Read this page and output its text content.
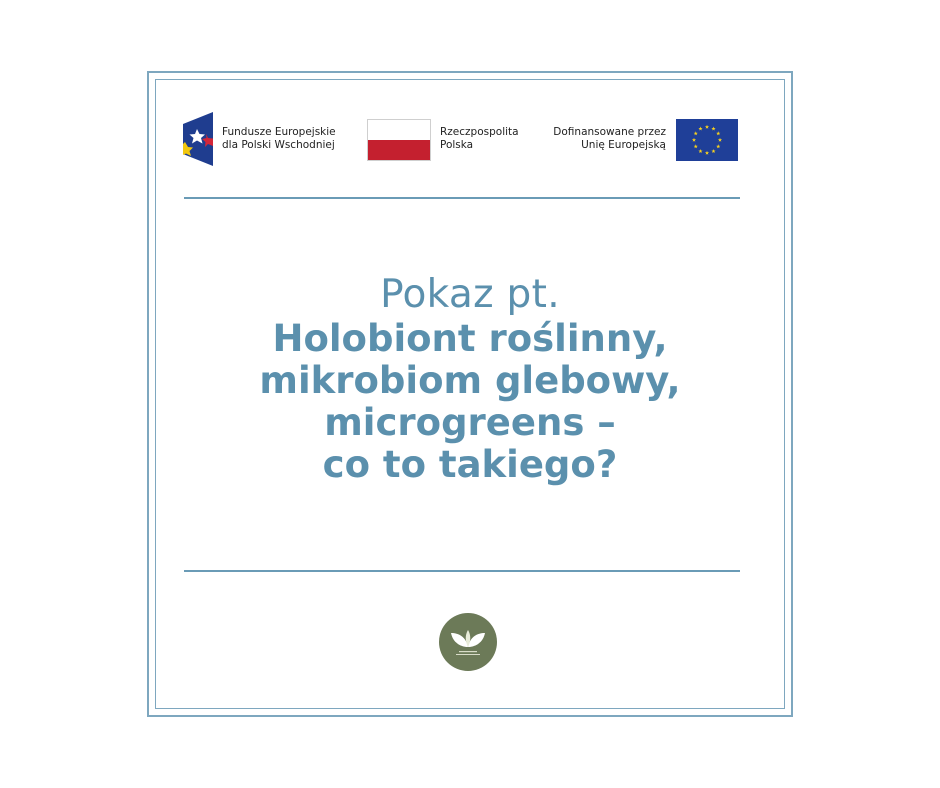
Fundusze Europejskie
dla Polski Wschodniej
Rzeczpospolita
Polska
Dofinansowane przez
Unię Europejską
Pokaz pt.
Holobiont roślinny,
mikrobiom glebowy,
microgreens –
co to takiego?
